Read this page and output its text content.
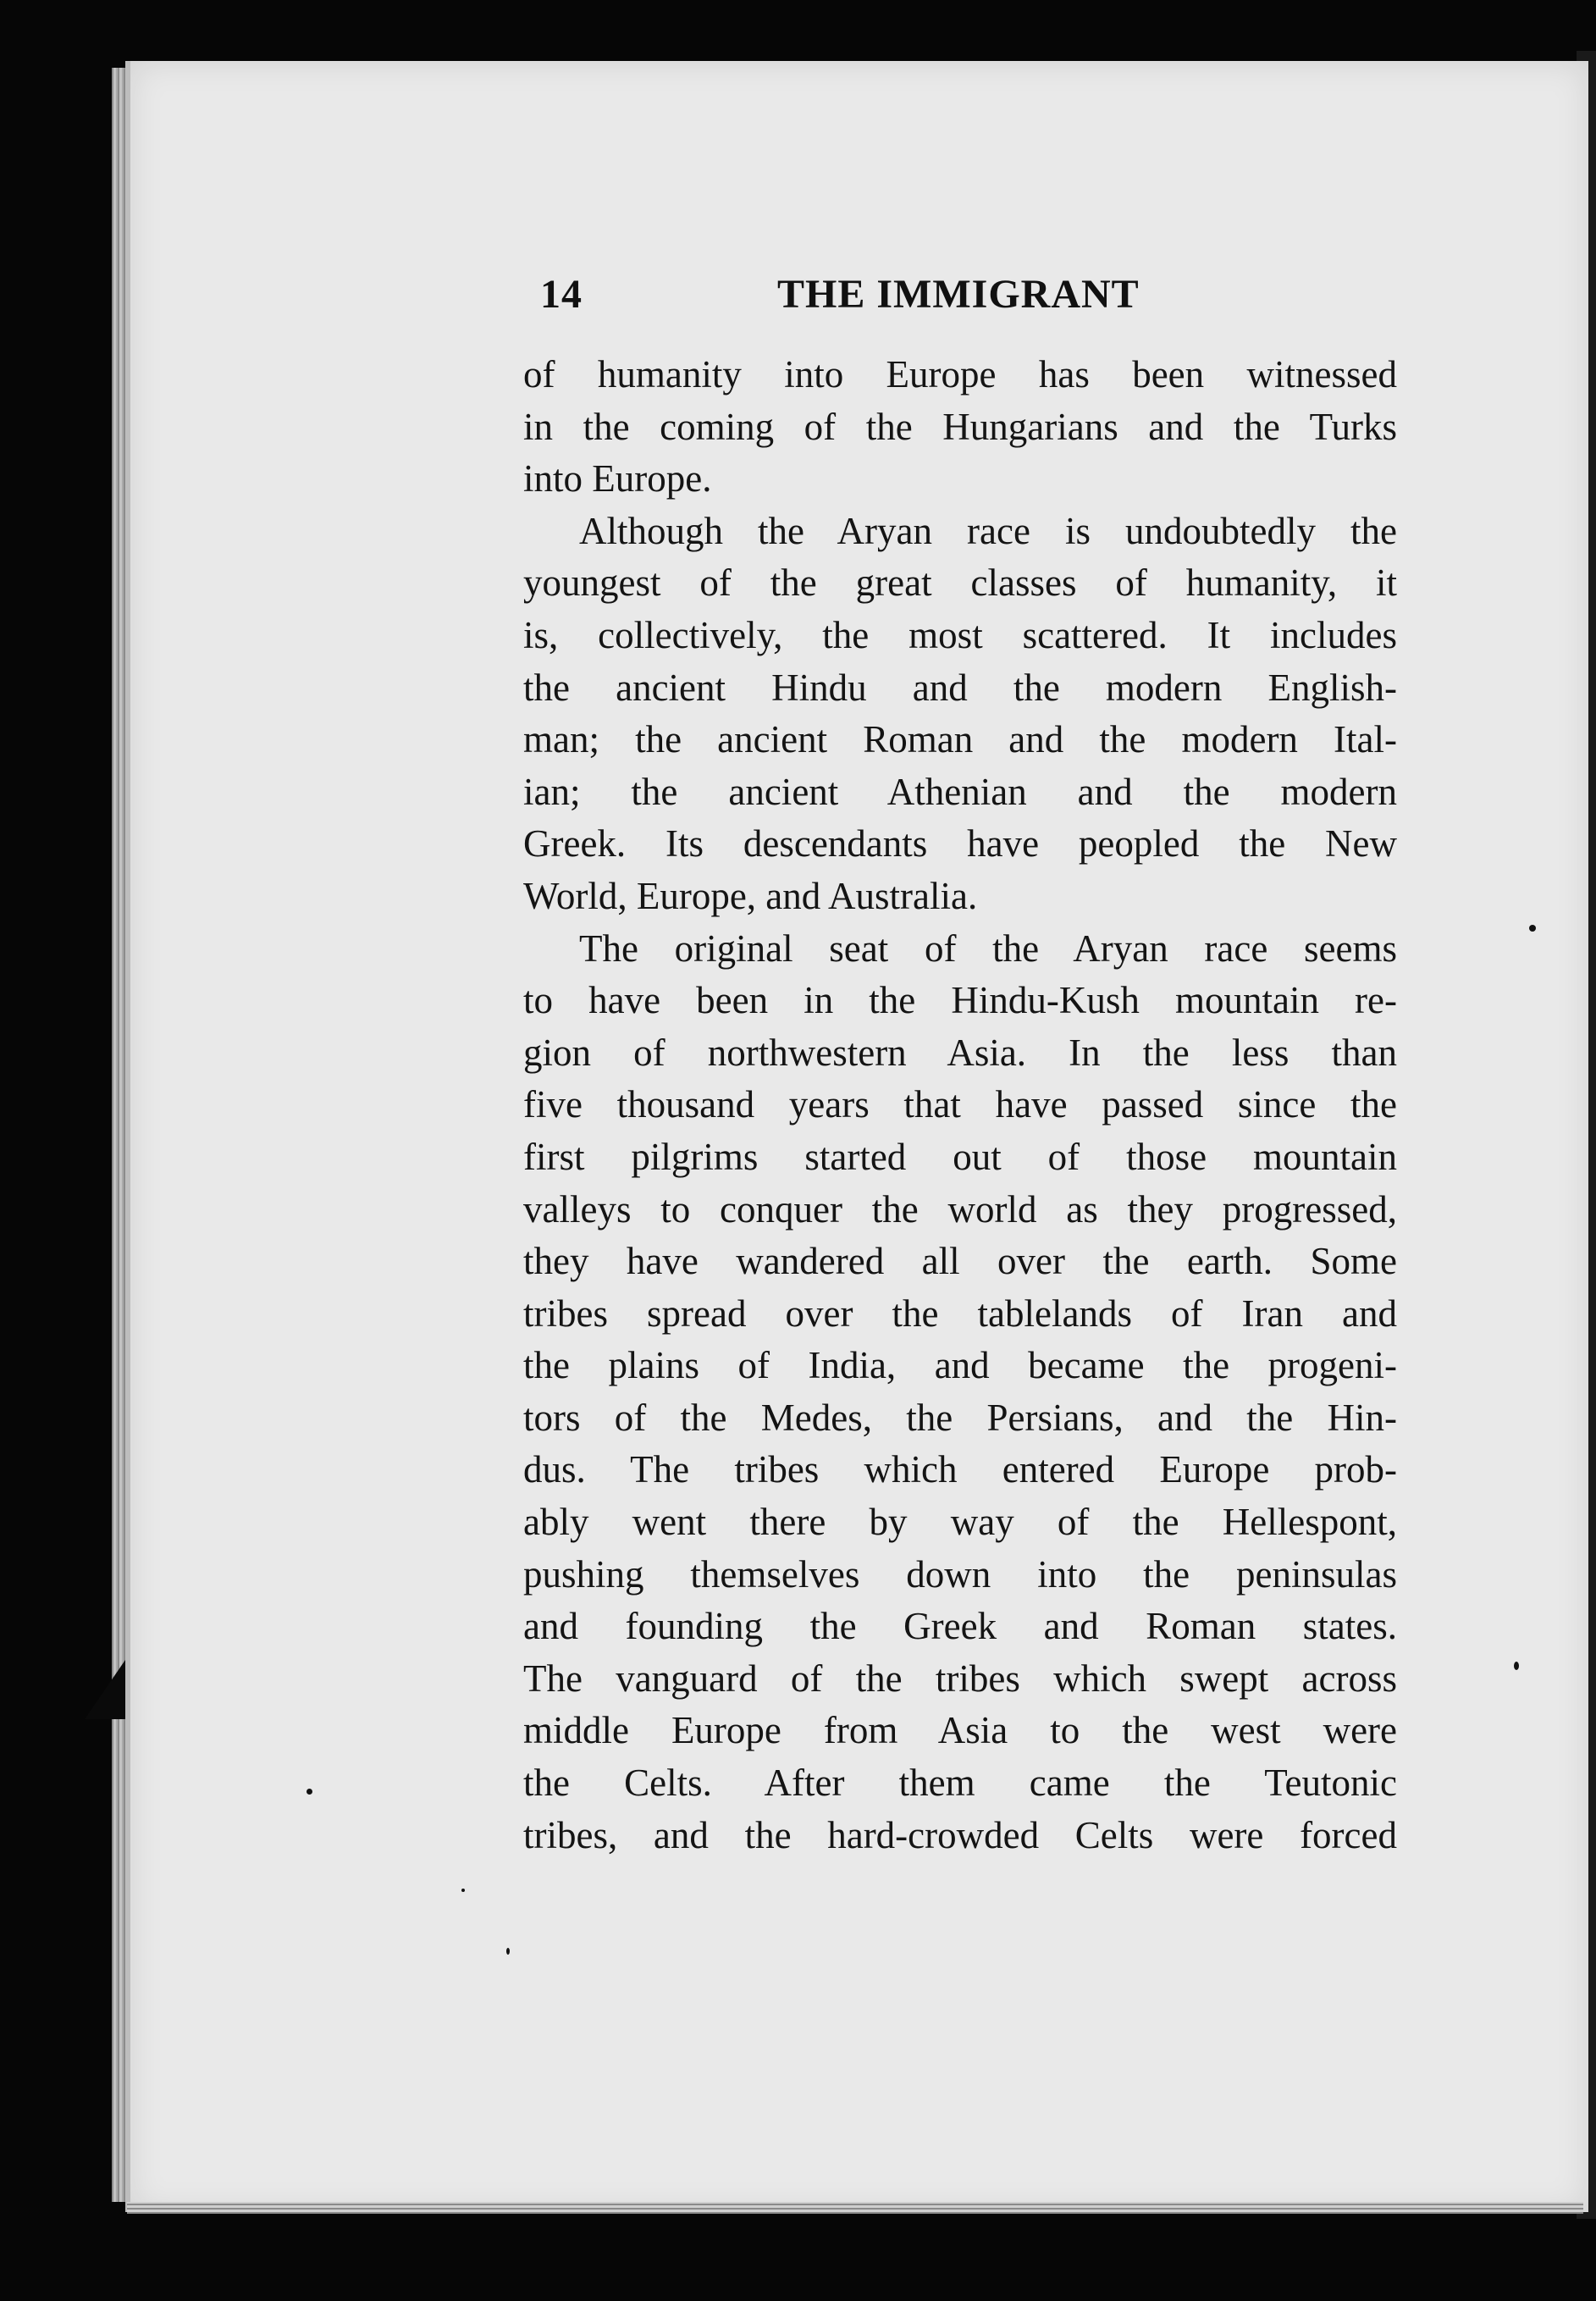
14	THE IMMIGRANT
of humanity into Europe has been witnessed
in the coming of the Hungarians and the Turks
into Europe.
Although the Aryan race is undoubtedly the
youngest of the great classes of humanity, it
is, collectively, the most scattered. It includes
the ancient Hindu and the modern English-
man; the ancient Roman and the modern Ital-
ian; the ancient Athenian and the modern
Greek. Its descendants have peopled the New
World, Europe, and Australia.
The original seat of the Aryan race seems
to have been in the Hindu-Kush mountain re-
gion of northwestern Asia. In the less than
five thousand years that have passed since the
first pilgrims started out of those mountain
valleys to conquer the world as they progressed,
they have wandered all over the earth. Some
tribes spread over the tablelands of Iran and
the plains of India, and became the progeni-
tors of the Medes, the Persians, and the Hin-
dus. The tribes which entered Europe prob-
ably went there by way of the Hellespont,
pushing themselves down into the peninsulas
and founding the Greek and Roman states.
The vanguard of the tribes which swept across
middle Europe from Asia to the west were
the Celts. After them came the Teutonic
tribes, and the hard-crowded Celts were forced
